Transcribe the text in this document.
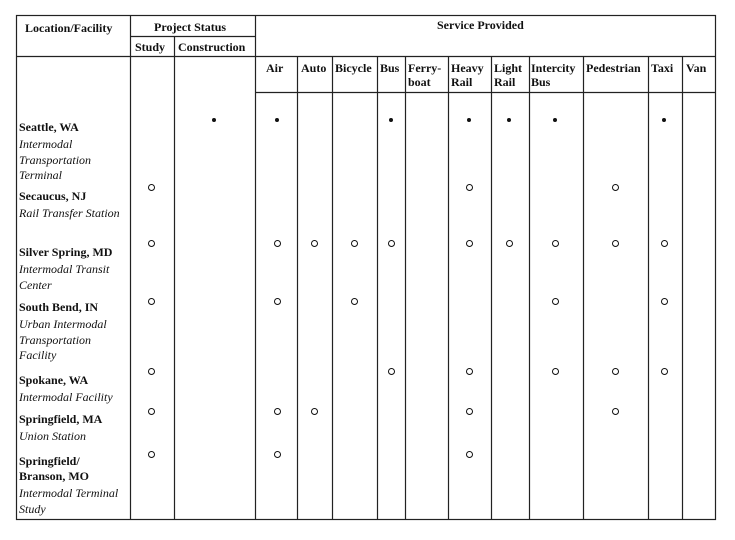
Location/Facility	Project Status	Service Provided
Study Construction
Air Auto Bicycle Bus Ferry-
boat
Heavy
Rail
Light
Rail
Intercity
Bus
Pedestrian Taxi Van
Seattle, WA
Intermodal Transportation Terminal
Secaucus, NJ
Rail Transfer Station
Silver Spring, MD
Intermodal Transit Center
South Bend, IN
Urban Intermodal Transportation Facility
Spokane, WA
Intermodal Facility
Springfield, MA
Union Station
Springfield/ Branson, MO
Intermodal Terminal Study
